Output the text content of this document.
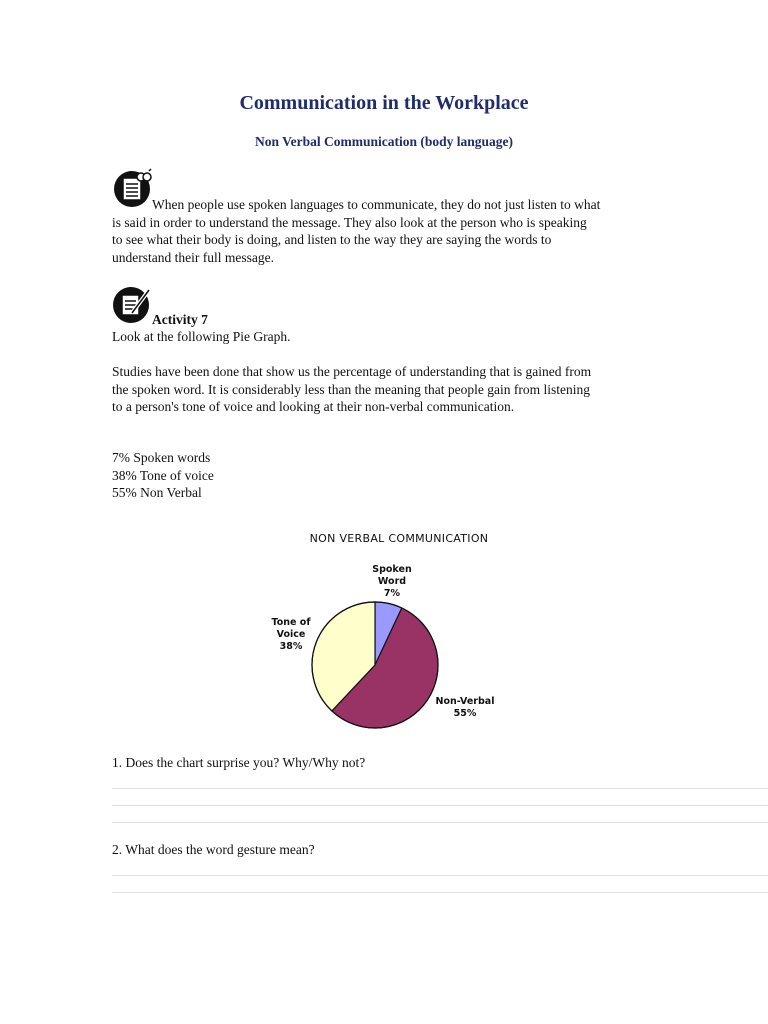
Communication in the Workplace
Non Verbal Communication (body language)
When people use spoken languages to communicate, they do not just listen to what
is said in order to understand the message. They also look at the person who is speaking
to see what their body is doing, and listen to the way they are saying the words to
understand their full message.
Activity 7
Look at the following Pie Graph.
Studies have been done that show us the percentage of understanding that is gained from
the spoken word. It is considerably less than the meaning that people gain from listening
to a person's tone of voice and looking at their non-verbal communication.
7% Spoken words
38% Tone of voice
55% Non Verbal
NON VERBAL COMMUNICATION
Spoken
Word
7%
Tone of
Voice
38%
Non-Verbal
55%
1. Does the chart surprise you? Why/Why not?
2. What does the word gesture mean?
